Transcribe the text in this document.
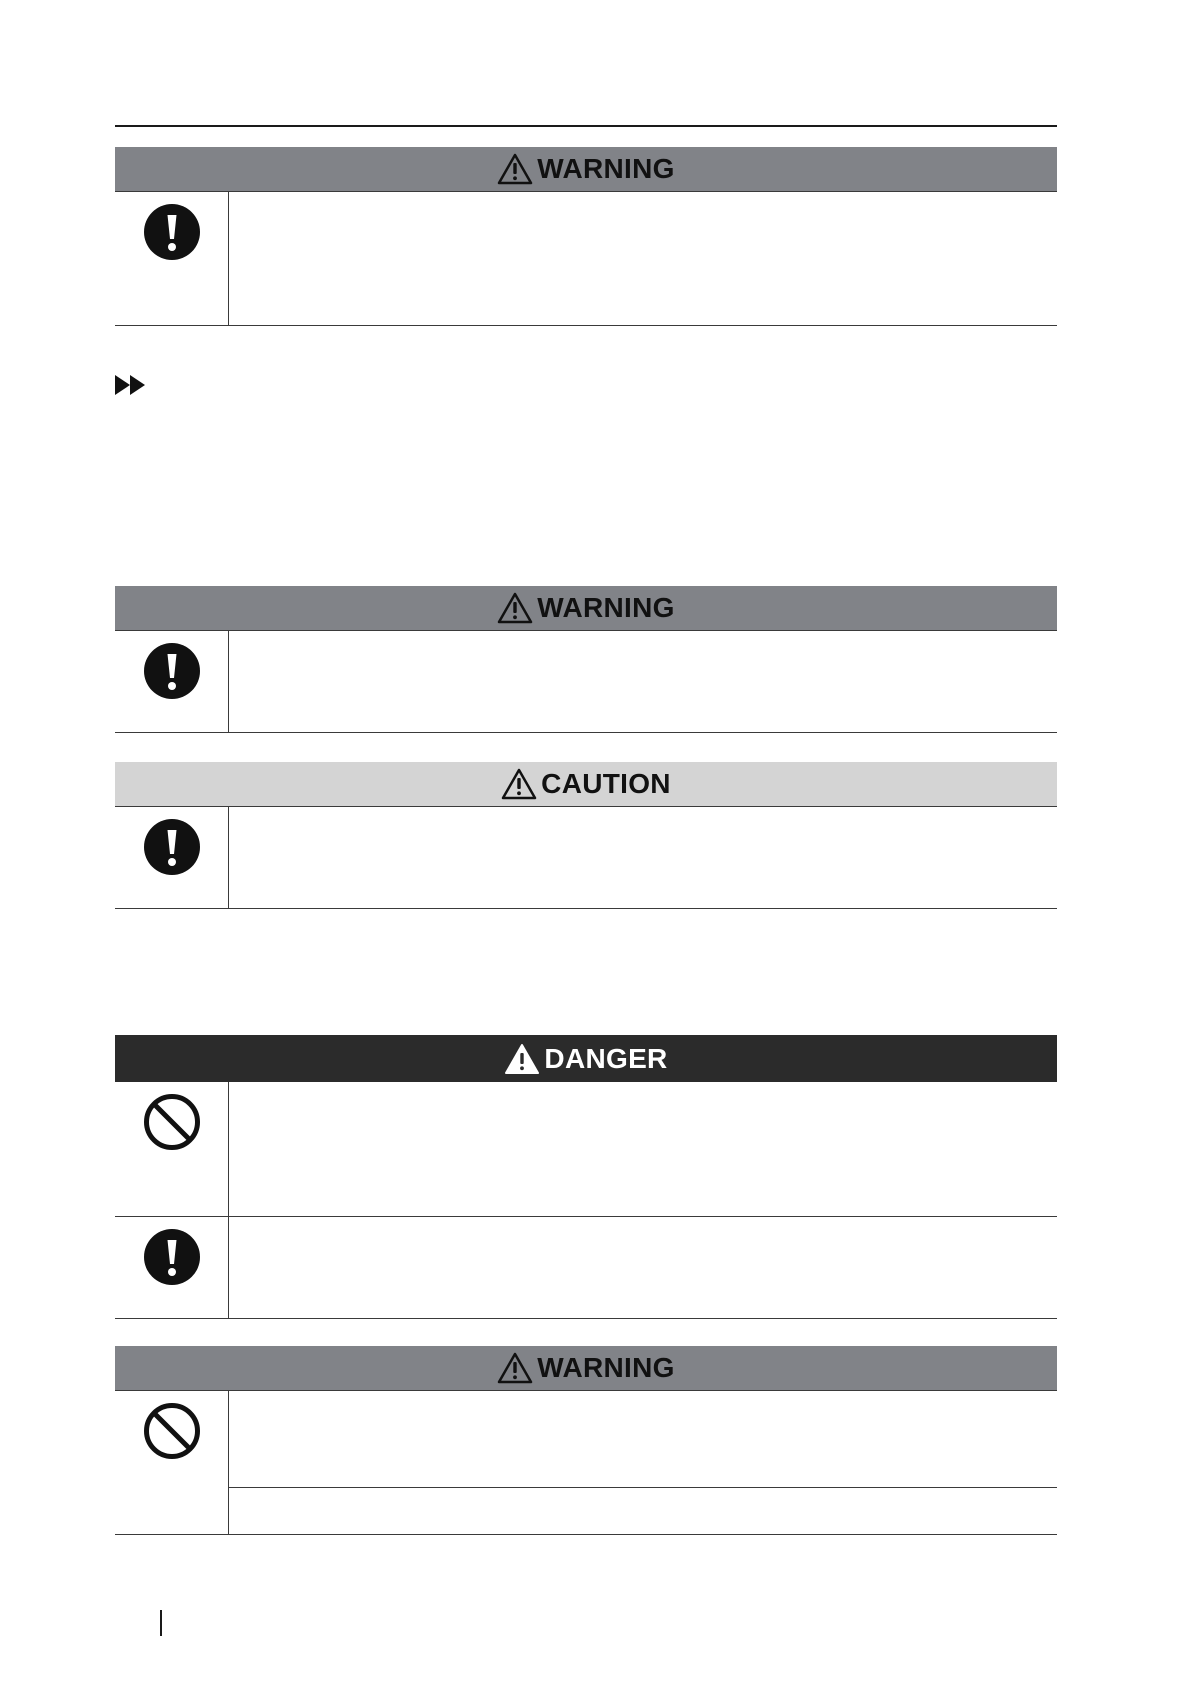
WARNING
WARNING
CAUTION
DANGER
WARNING
